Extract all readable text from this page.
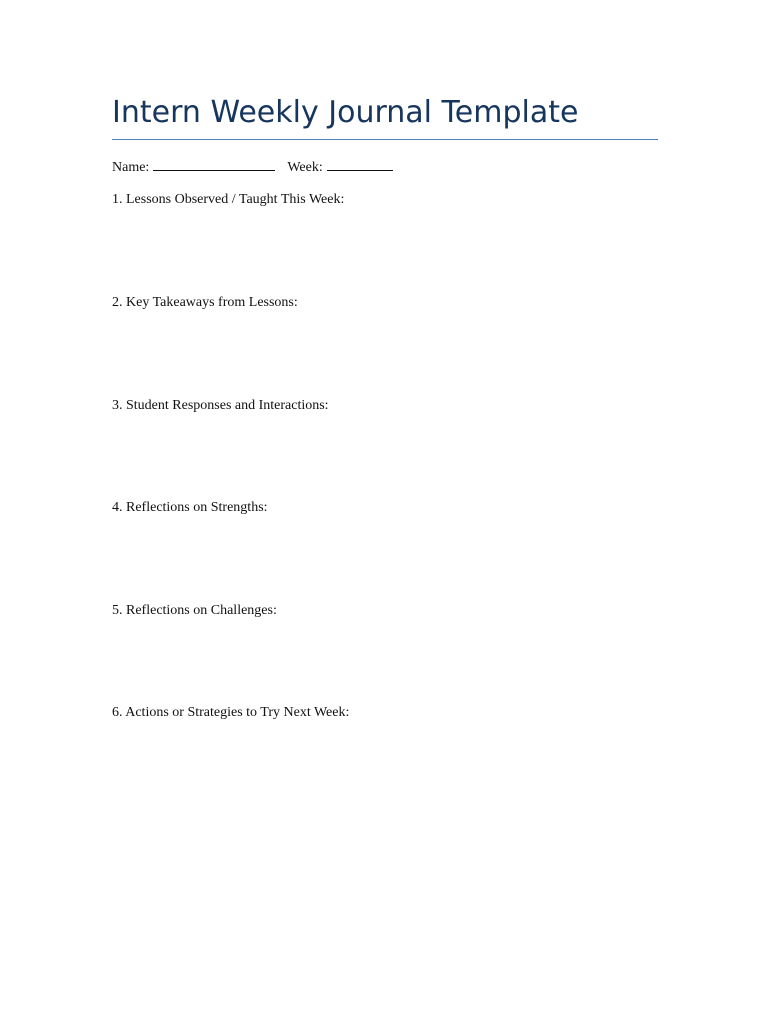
Intern Weekly Journal Template
Name:	Week:
1. Lessons Observed / Taught This Week:
2. Key Takeaways from Lessons:
3. Student Responses and Interactions:
4. Reflections on Strengths:
5. Reflections on Challenges:
6. Actions or Strategies to Try Next Week:
